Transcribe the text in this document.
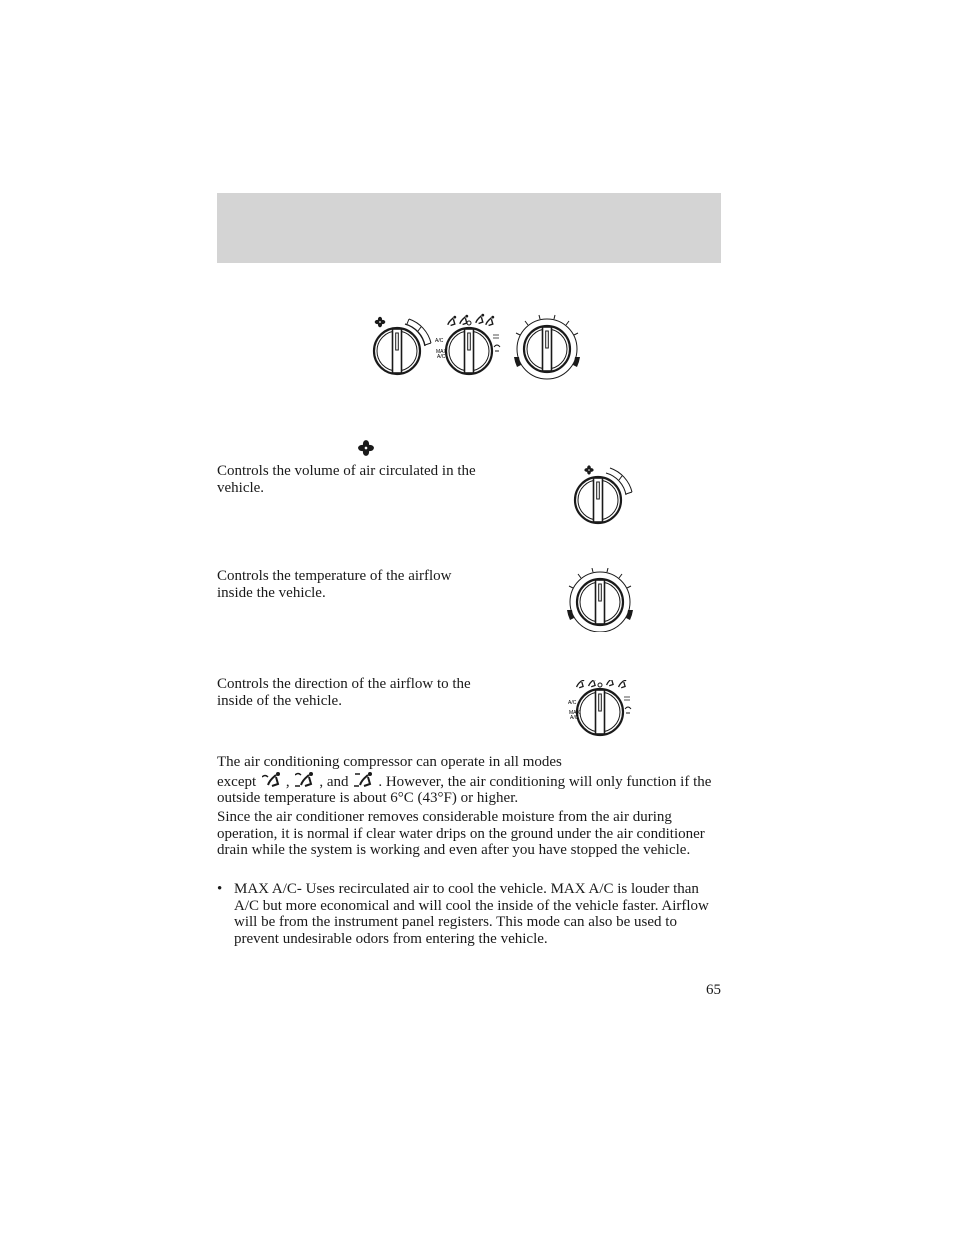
A/C
MAX
A/C

Controls the volume of air circulated in the vehicle.

Controls the temperature of the airflow inside the vehicle.

Controls the direction of the airflow to the inside of the vehicle.	A/C
MAX
A/C

The air conditioning compressor can operate in all modes
except , , and . However, the air conditioning will only function if the outside temperature is about 6°C (43°F) or higher.

Since the air conditioner removes considerable moisture from the air during operation, it is normal if clear water drips on the ground under the air conditioner drain while the system is working and even after you have stopped the vehicle.

• MAX A/C- Uses recirculated air to cool the vehicle. MAX A/C is louder than A/C but more economical and will cool the inside of the vehicle faster. Airflow will be from the instrument panel registers. This mode can also be used to prevent undesirable odors from entering the vehicle.
65
